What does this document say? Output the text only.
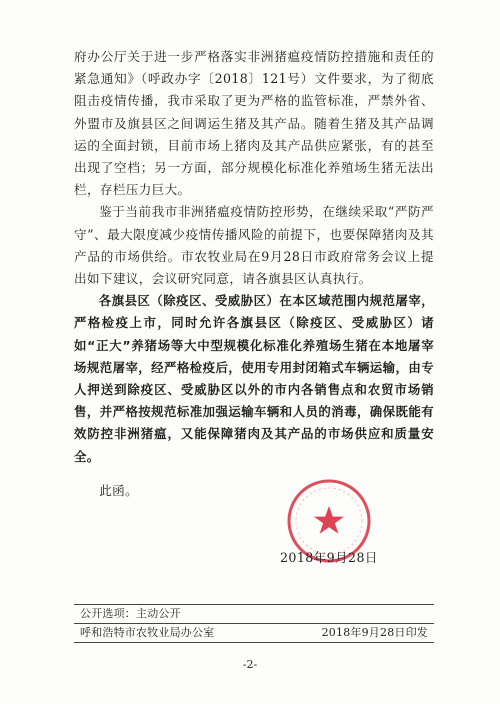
府办公厅关于进一步严格落实非洲猪瘟疫情防控措施和责任的紧急通知》（呼政办字〔2018〕121号）文件要求，为了彻底阻击疫情传播，我市采取了更为严格的监管标准，严禁外省、外盟市及旗县区之间调运生猪及其产品。随着生猪及其产品调运的全面封锁，目前市场上猪肉及其产品供应紧张，有的甚至出现了空档；另一方面，部分规模化标准化养殖场生猪无法出栏，存栏压力巨大。

鉴于当前我市非洲猪瘟疫情防控形势，在继续采取“严防严守”、最大限度减少疫情传播风险的前提下，也要保障猪肉及其产品的市场供给。市农牧业局在9月28日市政府常务会议上提出如下建议，会议研究同意，请各旗县区认真执行。

各旗县区（除疫区、受威胁区）在本区域范围内规范屠宰，严格检疫上市，同时允许各旗县区（除疫区、受威胁区）诸如“正大”养猪场等大中型规模化标准化养殖场生猪在本地屠宰场规范屠宰，经严格检疫后，使用专用封闭箱式车辆运输，由专人押送到除疫区、受威胁区以外的市内各销售点和农贸市场销售，并严格按规范标准加强运输车辆和人员的消毒，确保既能有效防控非洲猪瘟，又能保障猪肉及其产品的市场供应和质量安全。

此函。

2018年9月28日
公开选项：主动公开
呼和浩特市农牧业局办公室	2018年9月28日印发
-2-
